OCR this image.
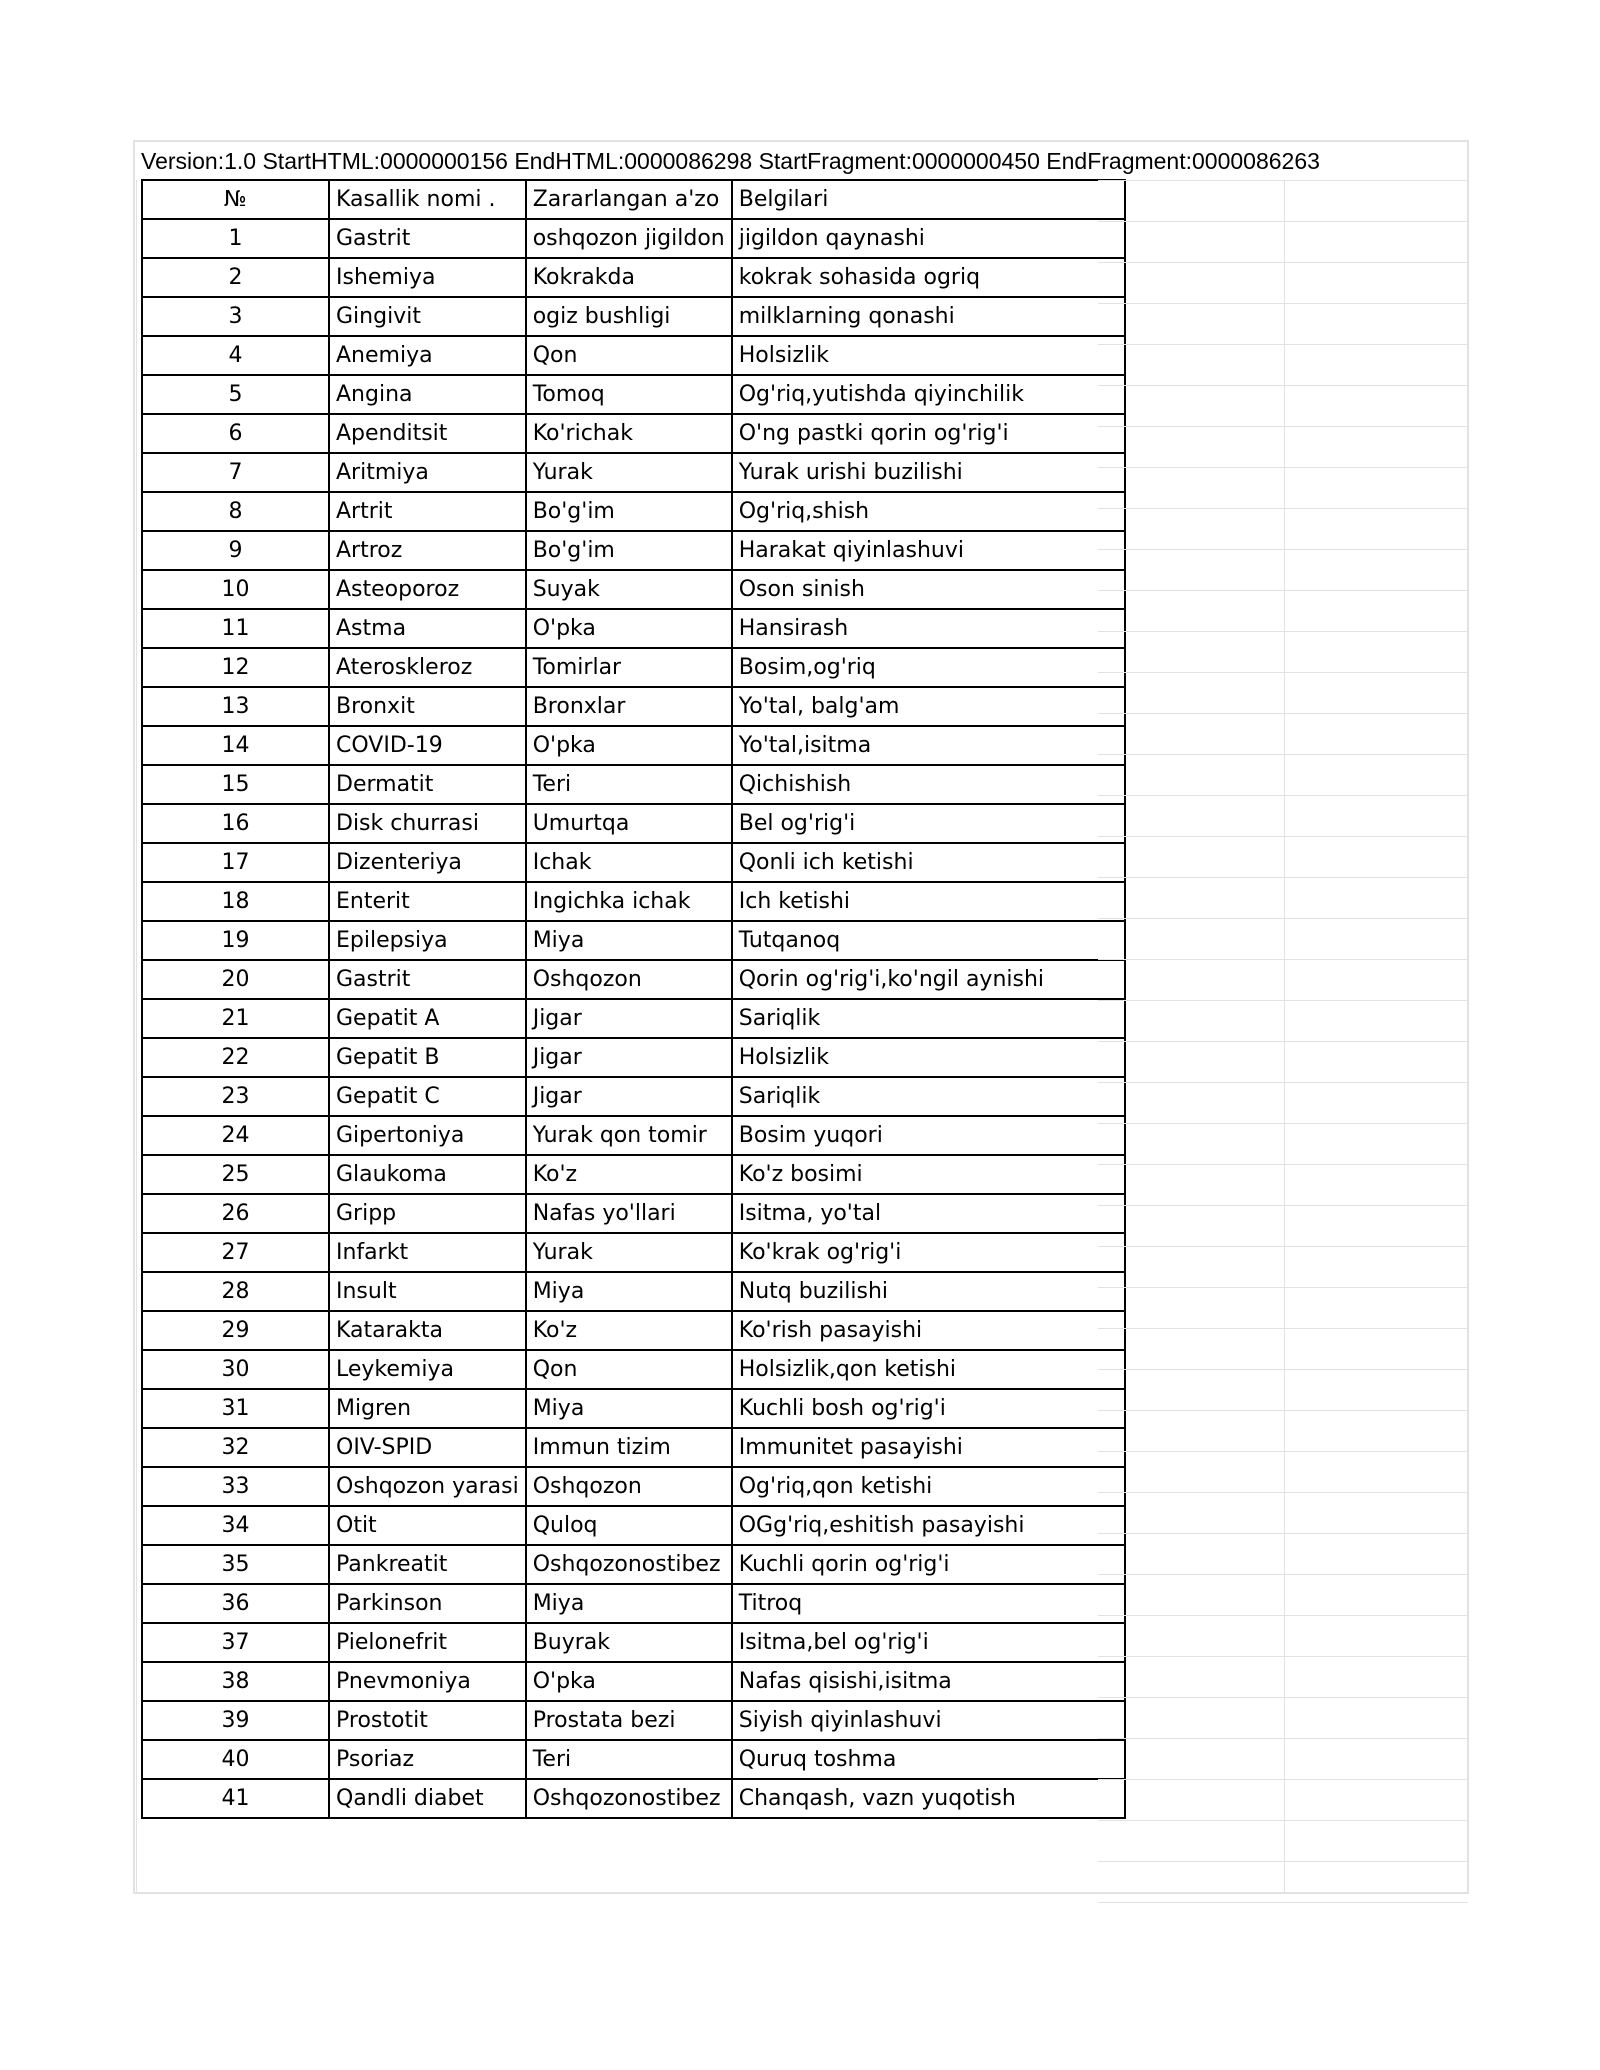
Version:1.0 StartHTML:0000000156 EndHTML:0000086298 StartFragment:0000000450 EndFragment:0000086263
№	Kasallik nomi .	Zararlangan a'zo	Belgilari
1	Gastrit	oshqozon jigildon	jigildon qaynashi
2	Ishemiya	Kokrakda	kokrak sohasida ogriq
3	Gingivit	ogiz bushligi	milklarning qonashi
4	Anemiya	Qon	Holsizlik
5	Angina	Tomoq	Og'riq,yutishda qiyinchilik
6	Apenditsit	Ko'richak	O'ng pastki qorin og'rig'i
7	Aritmiya	Yurak	Yurak urishi buzilishi
8	Artrit	Bo'g'im	Og'riq,shish
9	Artroz	Bo'g'im	Harakat qiyinlashuvi
10	Asteoporoz	Suyak	Oson sinish
11	Astma	O'pka	Hansirash
12	Ateroskleroz	Tomirlar	Bosim,og'riq
13	Bronxit	Bronxlar	Yo'tal, balg'am
14	COVID-19	O'pka	Yo'tal,isitma
15	Dermatit	Teri	Qichishish
16	Disk churrasi	Umurtqa	Bel og'rig'i
17	Dizenteriya	Ichak	Qonli ich ketishi
18	Enterit	Ingichka ichak	Ich ketishi
19	Epilepsiya	Miya	Tutqanoq
20	Gastrit	Oshqozon	Qorin og'rig'i,ko'ngil aynishi
21	Gepatit A	Jigar	Sariqlik
22	Gepatit B	Jigar	Holsizlik
23	Gepatit C	Jigar	Sariqlik
24	Gipertoniya	Yurak qon tomir	Bosim yuqori
25	Glaukoma	Ko'z	Ko'z bosimi
26	Gripp	Nafas yo'llari	Isitma, yo'tal
27	Infarkt	Yurak	Ko'krak og'rig'i
28	Insult	Miya	Nutq buzilishi
29	Katarakta	Ko'z	Ko'rish pasayishi
30	Leykemiya	Qon	Holsizlik,qon ketishi
31	Migren	Miya	Kuchli bosh og'rig'i
32	OIV-SPID	Immun tizim	Immunitet pasayishi
33	Oshqozon yarasi	Oshqozon	Og'riq,qon ketishi
34	Otit	Quloq	OGg'riq,eshitish pasayishi
35	Pankreatit	Oshqozonostibez	Kuchli qorin og'rig'i
36	Parkinson	Miya	Titroq
37	Pielonefrit	Buyrak	Isitma,bel og'rig'i
38	Pnevmoniya	O'pka	Nafas qisishi,isitma
39	Prostotit	Prostata bezi	Siyish qiyinlashuvi
40	Psoriaz	Teri	Quruq toshma
41	Qandli diabet	Oshqozonostibez	Chanqash, vazn yuqotish
